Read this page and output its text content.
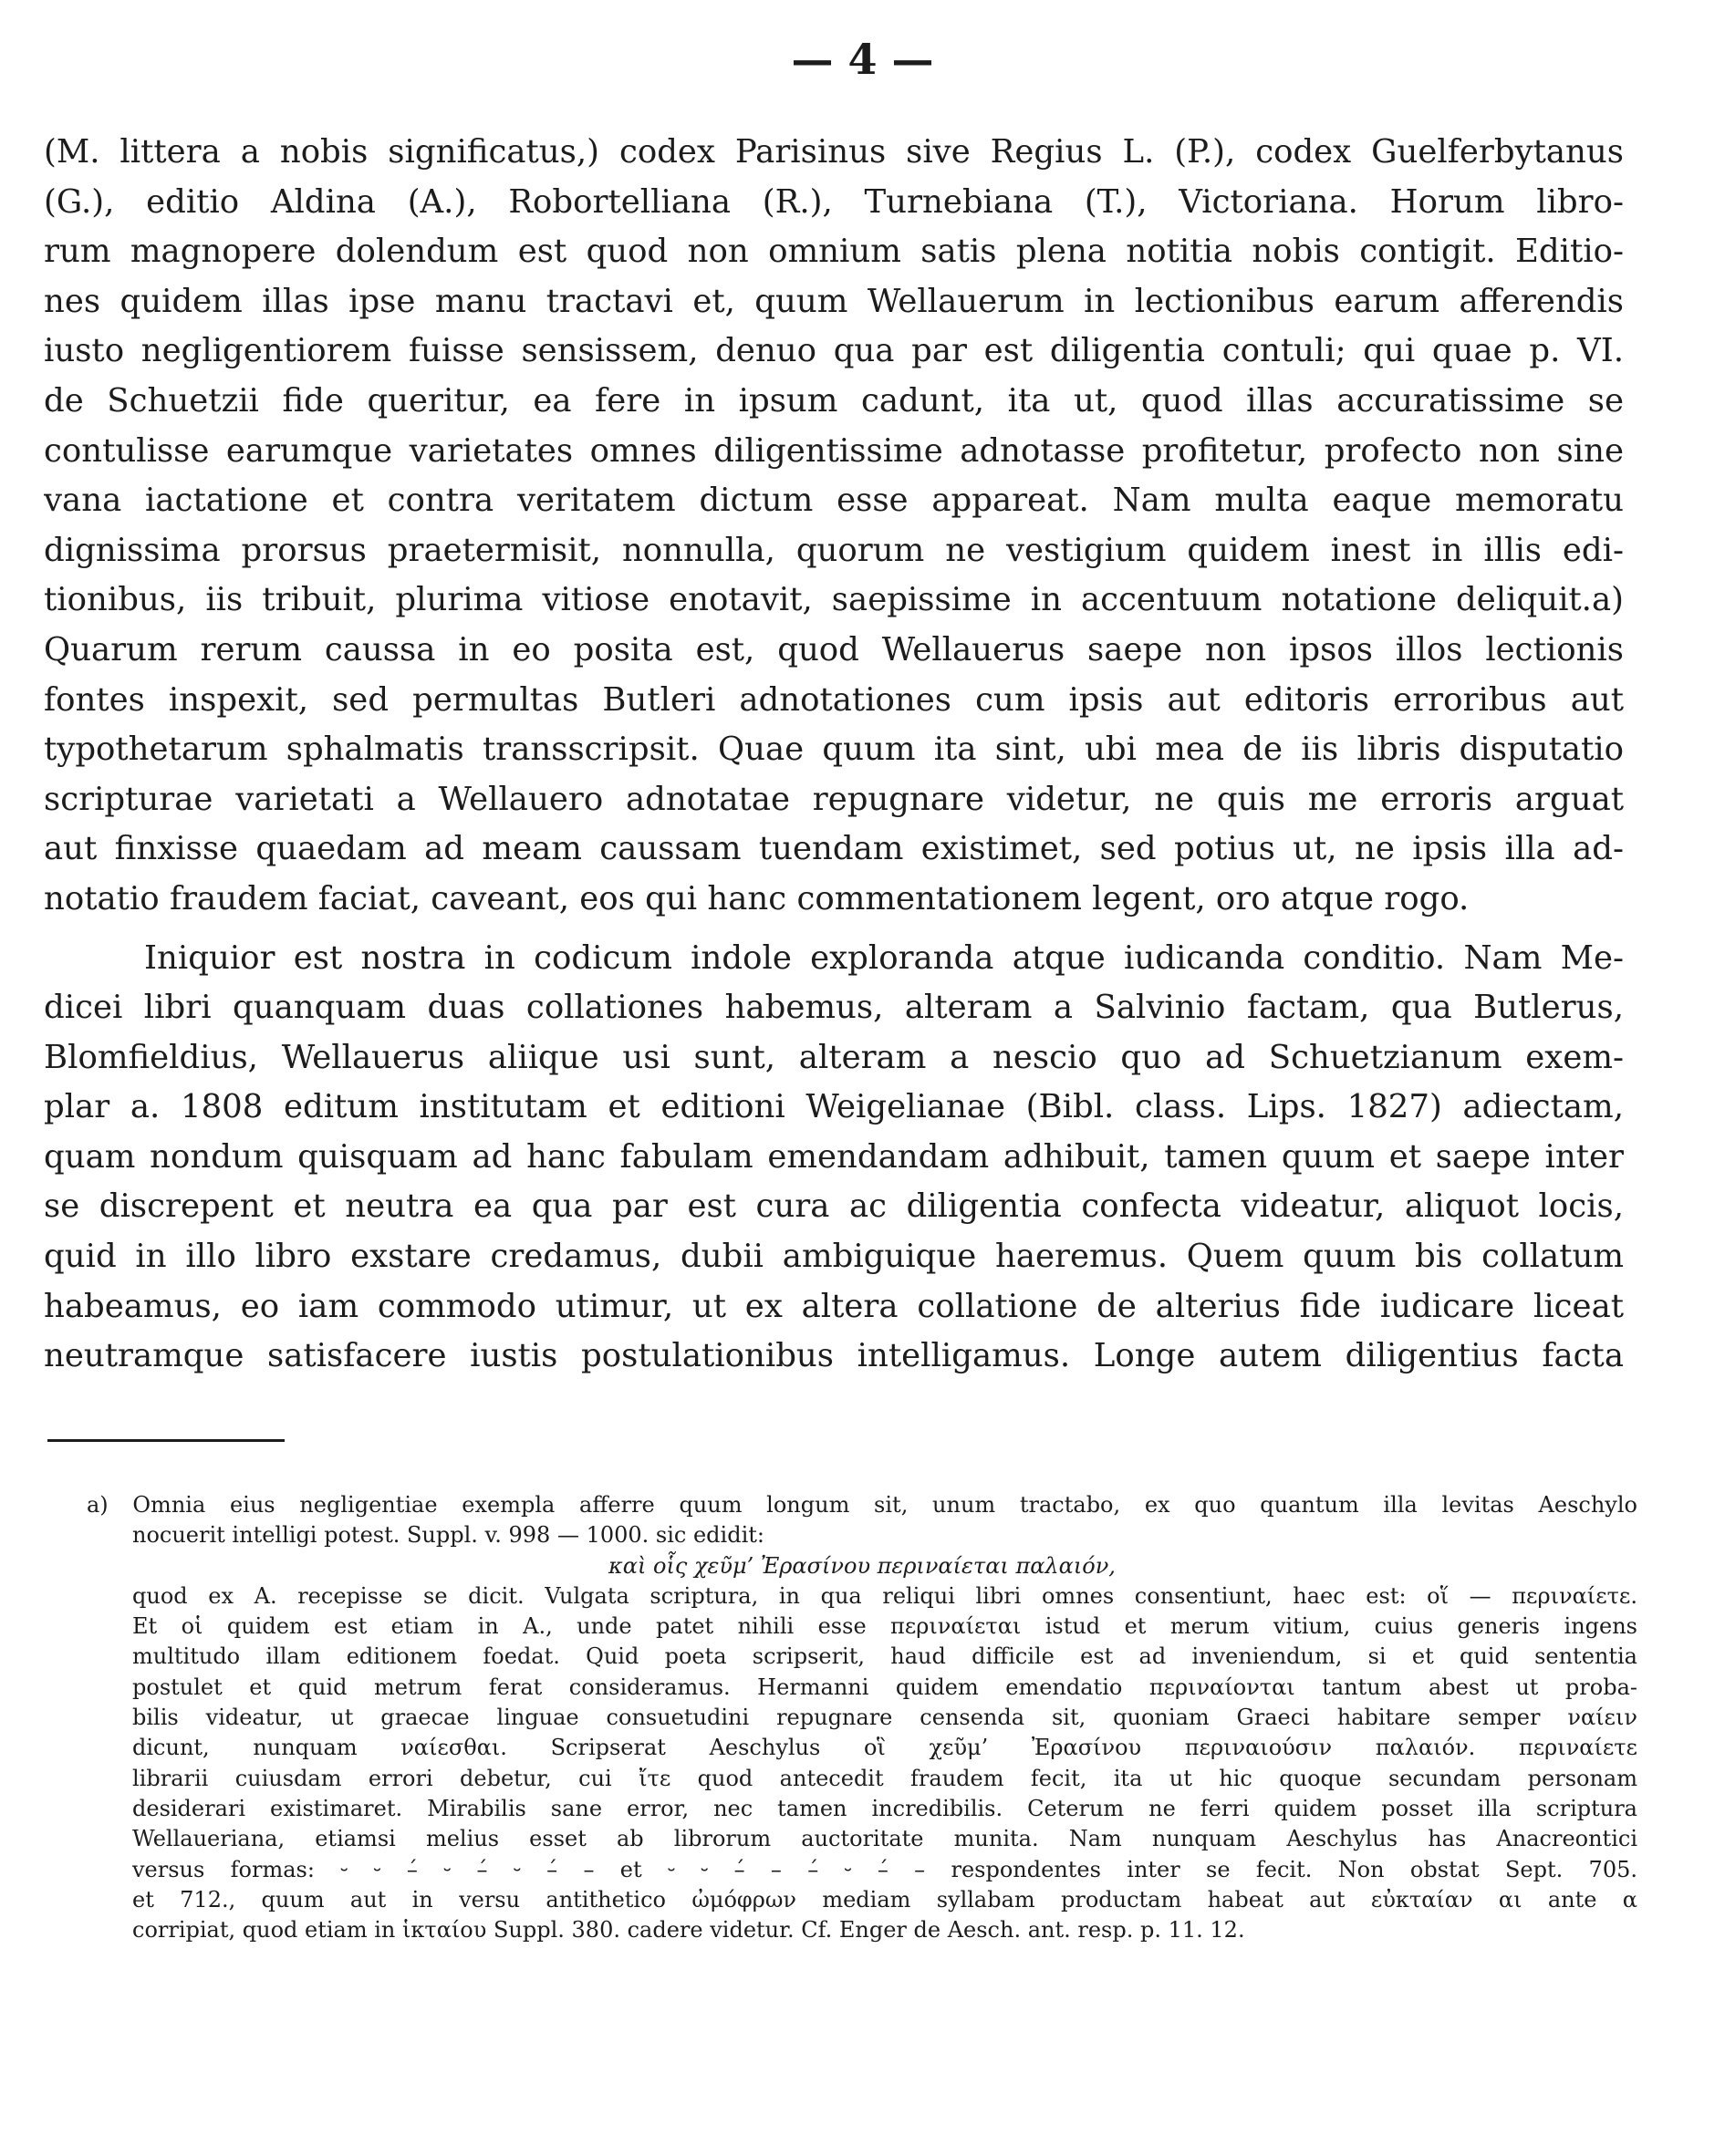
— 4 —
(M. littera a nobis significatus,) codex Parisinus sive Regius L. (P.), codex Guelferbytanus
(G.), editio Aldina (A.), Robortelliana (R.), Turnebiana (T.), Victoriana. Horum libro-
rum magnopere dolendum est quod non omnium satis plena notitia nobis contigit. Editio-
nes quidem illas ipse manu tractavi et, quum Wellauerum in lectionibus earum afferendis
iusto negligentiorem fuisse sensissem, denuo qua par est diligentia contuli; qui quae p. VI.
de Schuetzii fide queritur, ea fere in ipsum cadunt, ita ut, quod illas accuratissime se
contulisse earumque varietates omnes diligentissime adnotasse profitetur, profecto non sine
vana iactatione et contra veritatem dictum esse appareat. Nam multa eaque memoratu
dignissima prorsus praetermisit, nonnulla, quorum ne vestigium quidem inest in illis edi-
tionibus, iis tribuit, plurima vitiose enotavit, saepissime in accentuum notatione deliquit.a)
Quarum rerum caussa in eo posita est, quod Wellauerus saepe non ipsos illos lectionis
fontes inspexit, sed permultas Butleri adnotationes cum ipsis aut editoris erroribus aut
typothetarum sphalmatis transscripsit. Quae quum ita sint, ubi mea de iis libris disputatio
scripturae varietati a Wellauero adnotatae repugnare videtur, ne quis me erroris arguat
aut finxisse quaedam ad meam caussam tuendam existimet, sed potius ut, ne ipsis illa ad-
notatio fraudem faciat, caveant, eos qui hanc commentationem legent, oro atque rogo.
Iniquior est nostra in codicum indole exploranda atque iudicanda conditio. Nam Me-
dicei libri quanquam duas collationes habemus, alteram a Salvinio factam, qua Butlerus,
Blomfieldius, Wellauerus aliique usi sunt, alteram a nescio quo ad Schuetzianum exem-
plar a. 1808 editum institutam et editioni Weigelianae (Bibl. class. Lips. 1827) adiectam,
quam nondum quisquam ad hanc fabulam emendandam adhibuit, tamen quum et saepe inter
se discrepent et neutra ea qua par est cura ac diligentia confecta videatur, aliquot locis,
quid in illo libro exstare credamus, dubii ambiguique haeremus. Quem quum bis collatum
habeamus, eo iam commodo utimur, ut ex altera collatione de alterius fide iudicare liceat
neutramque satisfacere iustis postulationibus intelligamus. Longe autem diligentius facta
a) Omnia eius negligentiae exempla afferre quum longum sit, unum tractabo, ex quo quantum illa levitas Aeschylo
nocuerit intelligi potest. Suppl. v. 998 — 1000. sic edidit:
καὶ οἷς χεῦμ’ Ἐρασίνου περιναίεται παλαιόν,
quod ex A. recepisse se dicit. Vulgata scriptura, in qua reliqui libri omnes consentiunt, haec est: οἵ — περιναίετε.
Et οἱ quidem est etiam in A., unde patet nihili esse περιναίεται istud et merum vitium, cuius generis ingens
multitudo illam editionem foedat. Quid poeta scripserit, haud difficile est ad inveniendum, si et quid sententia
postulet et quid metrum ferat consideramus. Hermanni quidem emendatio περιναίονται tantum abest ut proba-
bilis videatur, ut graecae linguae consuetudini repugnare censenda sit, quoniam Graeci habitare semper ναίειν
dicunt, nunquam ναίεσθαι. Scripserat Aeschylus οἳ χεῦμ’ Ἐρασίνου περιναιούσιν παλαιόν. περιναίετε
librarii cuiusdam errori debetur, cui ἴτε quod antecedit fraudem fecit, ita ut hic quoque secundam personam
desiderari existimaret. Mirabilis sane error, nec tamen incredibilis. Ceterum ne ferri quidem posset illa scriptura
Wellaueriana, etiamsi melius esset ab librorum auctoritate munita. Nam nunquam Aeschylus has Anacreontici
versus formas: ⏑ ⏑ –́ ⏑ –́ ⏑ –́ – et ⏑ ⏑ –́ – –́ ⏑ –́ – respondentes inter se fecit. Non obstat Sept. 705.
et 712., quum aut in versu antithetico ὠμόφρων mediam syllabam productam habeat aut εὐκταίαν αι ante α
corripiat, quod etiam in ἱκταίου Suppl. 380. cadere videtur. Cf. Enger de Aesch. ant. resp. p. 11. 12.
